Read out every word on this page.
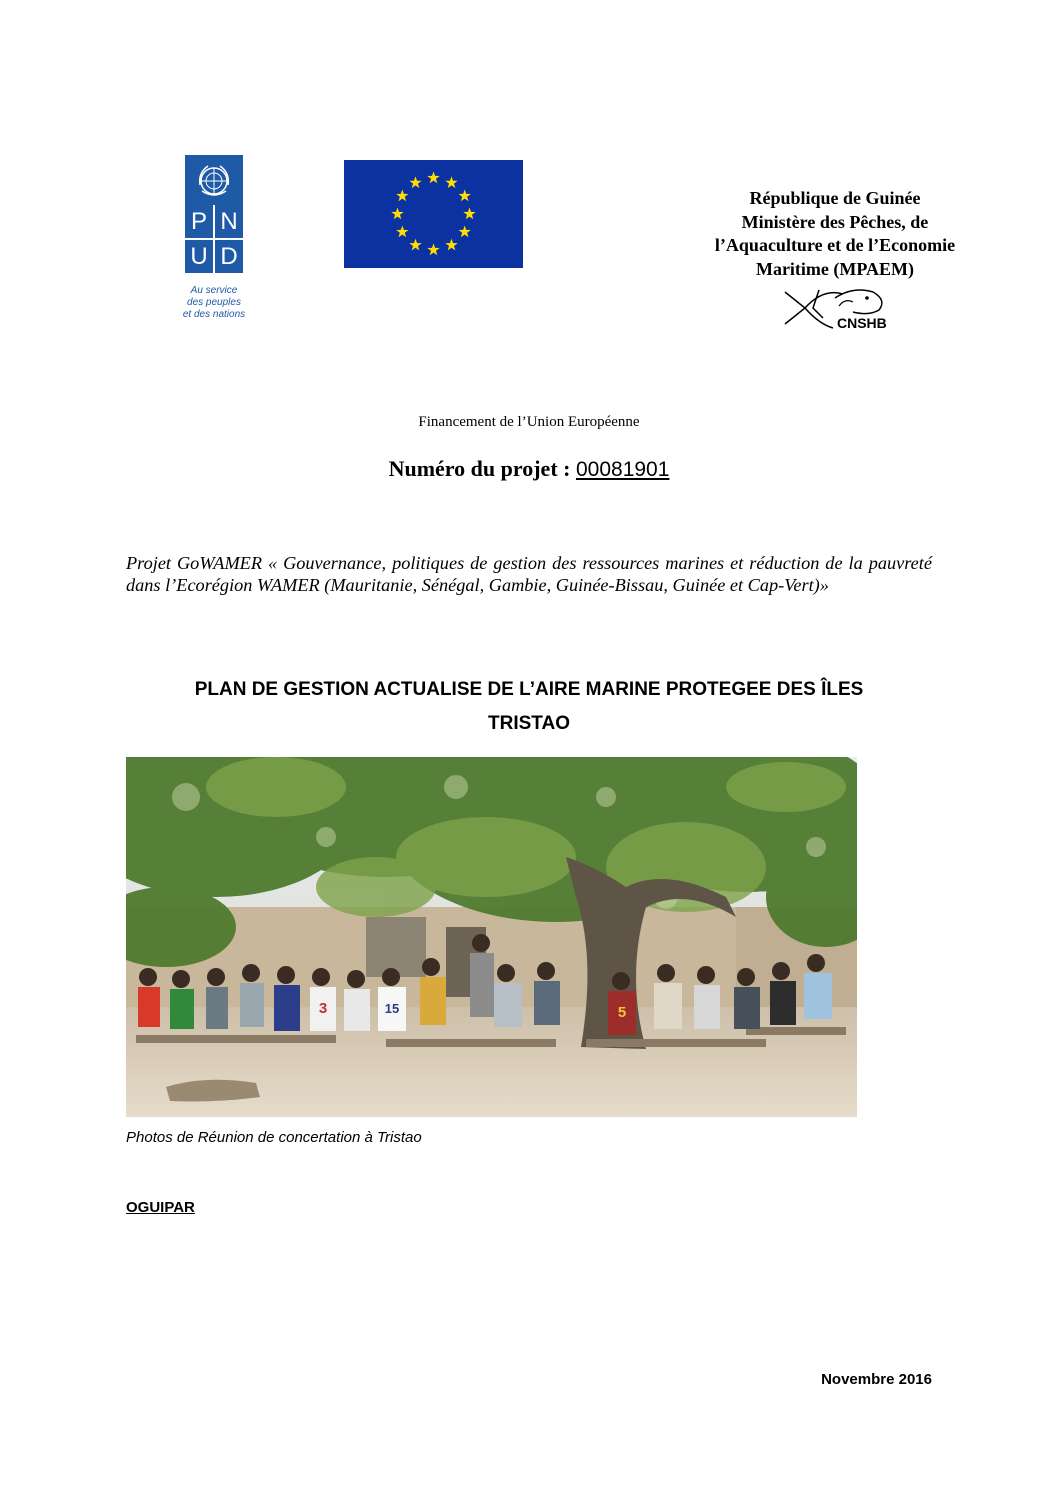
P N
U D
Au service
des peuples
et des nations
République de Guinée
Ministère des Pêches, de
l’Aquaculture et de l’Economie
Maritime (MPAEM)
CNSHB
Financement de l’Union Européenne
Numéro du projet : 00081901
Projet GoWAMER « Gouvernance, politiques de gestion des ressources marines et réduction de la pauvreté dans l’Ecorégion WAMER (Mauritanie, Sénégal, Gambie, Guinée-Bissau, Guinée et Cap-Vert)»
PLAN DE GESTION ACTUALISE DE L’AIRE MARINE PROTEGEE DES ÎLES
TRISTAO
3	15	5
Photos de Réunion de concertation à Tristao
OGUIPAR
Novembre 2016
